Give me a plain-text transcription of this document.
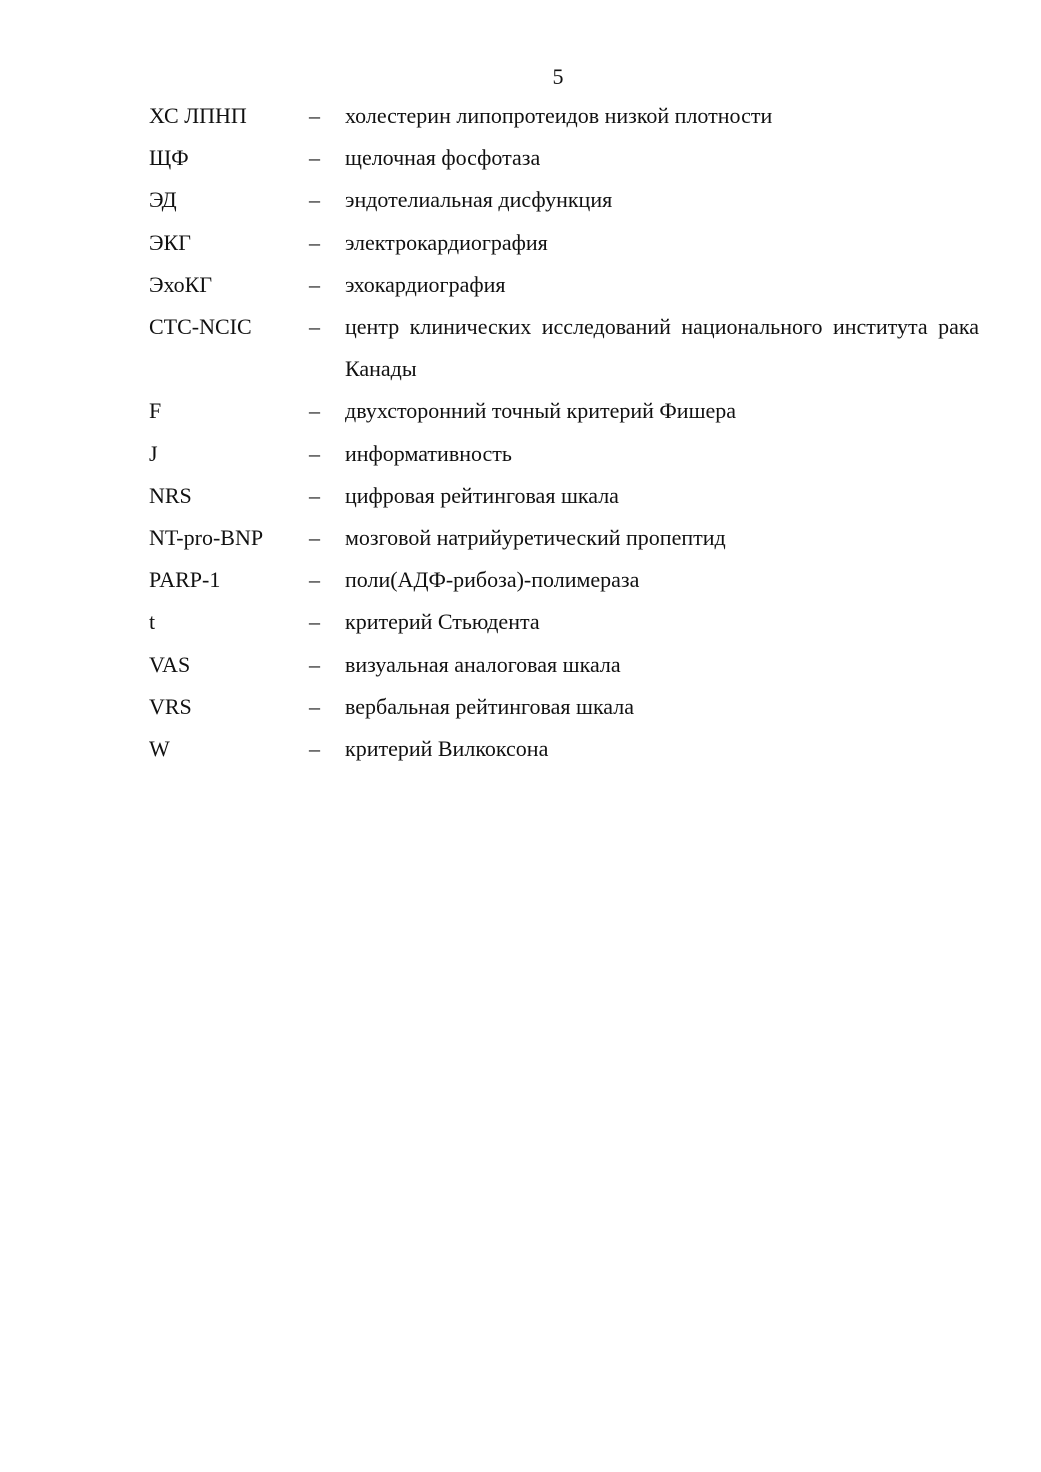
5
ХС ЛПНП	–	холестерин липопротеидов низкой плотности
ЩФ	–	щелочная фосфотаза
ЭД	–	эндотелиальная дисфункция
ЭКГ	–	электрокардиография
ЭхоКГ	–	эхокардиография
CTC-NCIC	–	центр клинических исследований национального института рака Канады
F	–	двухсторонний точный критерий Фишера
J	–	информативность
NRS	–	цифровая рейтинговая шкала
NT-pro-BNP	–	мозговой натрийуретический пропептид
PARP-1	–	поли(АДФ-рибоза)-полимераза
t	–	критерий Стьюдента
VAS	–	визуальная аналоговая шкала
VRS	–	вербальная рейтинговая шкала
W	–	критерий Вилкоксона
